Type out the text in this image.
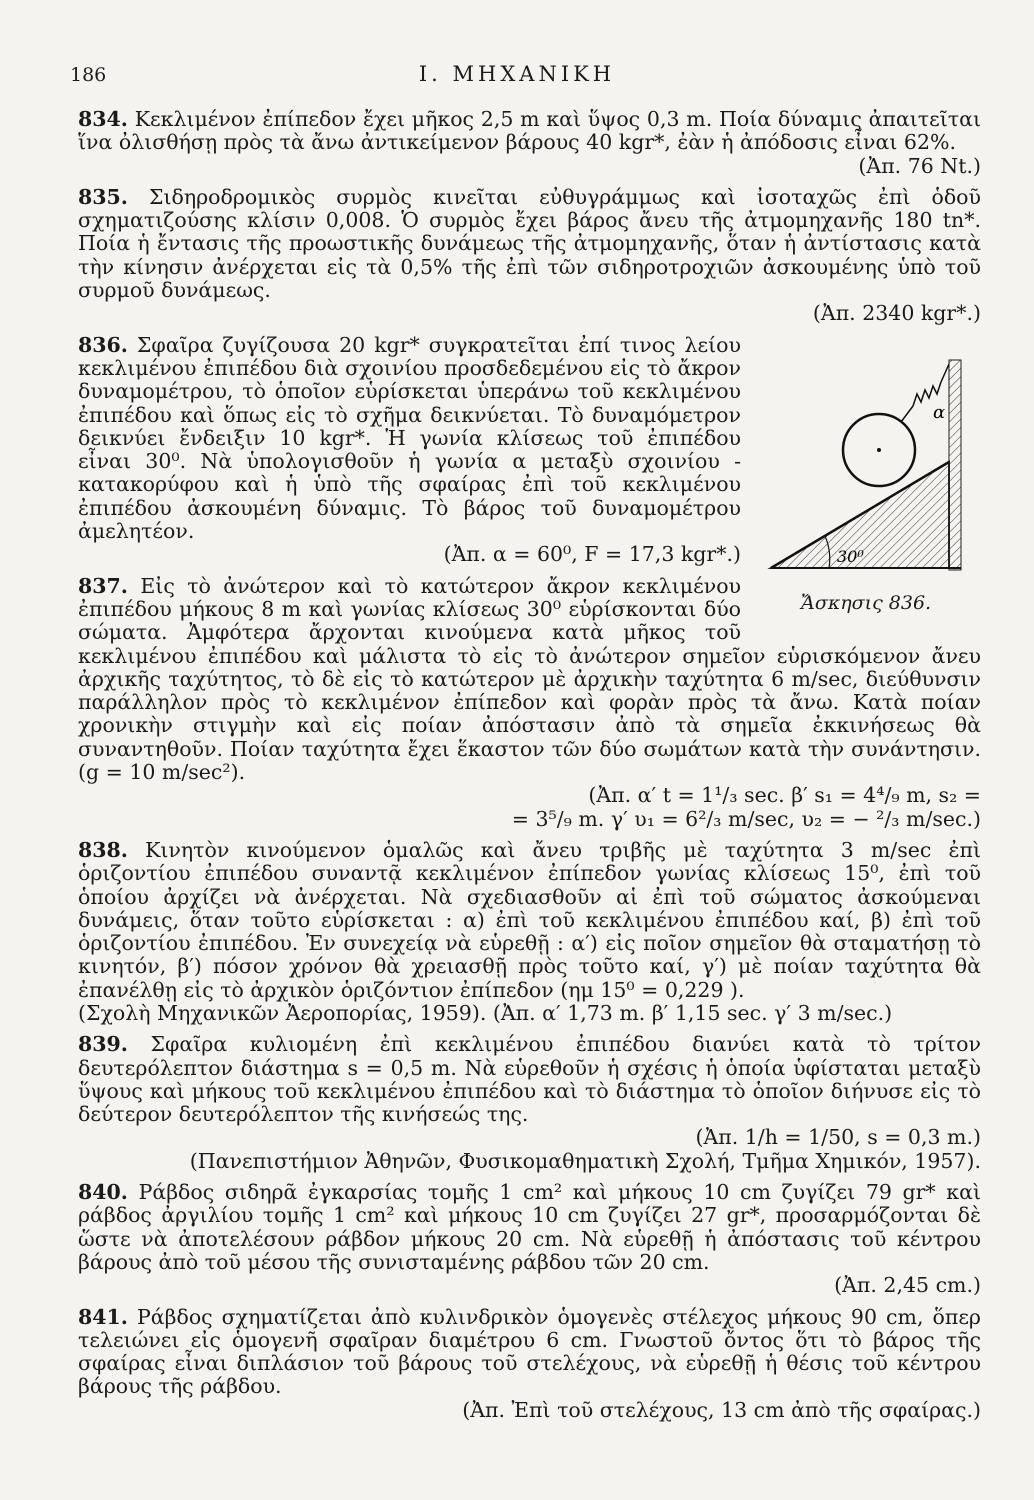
186	I. ΜΗΧΑΝΙΚΗ

834. Κεκλιμένον ἐπίπεδον ἔχει μῆκος 2,5 m καὶ ὕψος 0,3 m. Ποία δύναμις ἀπαιτεῖται ἵνα ὀλισθήσῃ πρὸς τὰ ἄνω ἀντικείμενον βάρους 40 kgr*, ἐὰν ἡ ἀπόδοσις εἶναι 62%.
(Ἀπ. 76 Nt.)

835. Σιδηροδρομικὸς συρμὸς κινεῖται εὐθυγράμμως καὶ ἰσοταχῶς ἐπὶ ὁδοῦ σχηματιζούσης κλίσιν 0,008. Ὁ συρμὸς ἔχει βάρος ἄνευ τῆς ἀτμομηχανῆς 180 tn*. Ποία ἡ ἔντασις τῆς προωστικῆς δυνάμεως τῆς ἀτμομηχανῆς, ὅταν ἡ ἀντίστασις κατὰ τὴν κίνησιν ἀνέρχεται εἰς τὰ 0,5% τῆς ἐπὶ τῶν σιδηροτροχιῶν ἀσκουμένης ὑπὸ τοῦ συρμοῦ δυνάμεως.
(Ἀπ. 2340 kgr*.)

α
30⁰
Ἄσκησις 836.
836. Σφαῖρα ζυγίζουσα 20 kgr* συγκρατεῖται ἐπί τινος λείου κεκλιμένου ἐπιπέδου διὰ σχοινίου προσδεδεμένου εἰς τὸ ἄκρον δυναμομέτρου, τὸ ὁποῖον εὑρίσκεται ὑπεράνω τοῦ κεκλιμένου ἐπιπέδου καὶ ὅπως εἰς τὸ σχῆμα δεικνύεται. Τὸ δυναμόμετρον δεικνύει ἔνδειξιν 10 kgr*. Ἡ γωνία κλίσεως τοῦ ἐπιπέδου εἶναι 30⁰. Νὰ ὑπολογισθοῦν ἡ γωνία α μεταξὺ σχοινίου - κατακορύφου καὶ ἡ ὑπὸ τῆς σφαίρας ἐπὶ τοῦ κεκλιμένου ἐπιπέδου ἀσκουμένη δύναμις. Τὸ βάρος τοῦ δυναμομέτρου ἀμελητέον.
(Ἀπ. α = 60⁰, F = 17,3 kgr*.)

837. Εἰς τὸ ἀνώτερον καὶ τὸ κατώτερον ἄκρον κεκλιμένου ἐπιπέδου μήκους 8 m καὶ γωνίας κλίσεως 30⁰ εὑρίσκονται δύο σώματα. Ἀμφότερα ἄρχονται κινούμενα κατὰ μῆκος τοῦ κεκλιμένου ἐπιπέδου καὶ μάλιστα τὸ εἰς τὸ ἀνώτερον σημεῖον εὑρισκόμενον ἄνευ ἀρχικῆς ταχύτητος, τὸ δὲ εἰς τὸ κατώτερον μὲ ἀρχικὴν ταχύτητα 6 m/sec, διεύθυνσιν παράλληλον πρὸς τὸ κεκλιμένον ἐπίπεδον καὶ φορὰν πρὸς τὰ ἄνω. Κατὰ ποίαν χρονικὴν στιγμὴν καὶ εἰς ποίαν ἀπόστασιν ἀπὸ τὰ σημεῖα ἐκκινήσεως θὰ συναντηθοῦν. Ποίαν ταχύτητα ἔχει ἕκαστον τῶν δύο σωμάτων κατὰ τὴν συνάντησιν. (g = 10 m/sec²).
(Ἀπ. α′ t = 1¹/₃ sec. β′ s₁ = 4⁴/₉ m, s₂ =
= 3⁵/₉ m. γ′ υ₁ = 6²/₃ m/sec, υ₂ = − ²/₃ m/sec.)

838. Κινητὸν κινούμενον ὁμαλῶς καὶ ἄνευ τριβῆς μὲ ταχύτητα 3 m/sec ἐπὶ ὁριζοντίου ἐπιπέδου συναντᾷ κεκλιμένον ἐπίπεδον γωνίας κλίσεως 15⁰, ἐπὶ τοῦ ὁποίου ἀρχίζει νὰ ἀνέρχεται. Νὰ σχεδιασθοῦν αἱ ἐπὶ τοῦ σώματος ἀσκούμεναι δυνάμεις, ὅταν τοῦτο εὑρίσκεται : α) ἐπὶ τοῦ κεκλιμένου ἐπιπέδου καί, β) ἐπὶ τοῦ ὁριζοντίου ἐπιπέδου. Ἐν συνεχείᾳ νὰ εὑρεθῇ : α′) εἰς ποῖον σημεῖον θὰ σταματήσῃ τὸ κινητόν, β′) πόσον χρόνον θὰ χρειασθῇ πρὸς τοῦτο καί, γ′) μὲ ποίαν ταχύτητα θὰ ἐπανέλθῃ εἰς τὸ ἀρχικὸν ὁριζόντιον ἐπίπεδον (ημ 15⁰ = 0,229 ).
(Σχολὴ Μηχανικῶν Ἀεροπορίας, 1959). (Ἀπ. α′ 1,73 m. β′ 1,15 sec. γ′ 3 m/sec.)

839. Σφαῖρα κυλιομένη ἐπὶ κεκλιμένου ἐπιπέδου διανύει κατὰ τὸ τρίτον δευτερόλεπτον διάστημα s = 0,5 m. Νὰ εὑρεθοῦν ἡ σχέσις ἡ ὁποία ὑφίσταται μεταξὺ ὕψους καὶ μήκους τοῦ κεκλιμένου ἐπιπέδου καὶ τὸ διάστημα τὸ ὁποῖον διήνυσε εἰς τὸ δεύτερον δευτερόλεπτον τῆς κινήσεώς της.
(Ἀπ. 1/h = 1/50, s = 0,3 m.)
(Πανεπιστήμιον Ἀθηνῶν, Φυσικομαθηματικὴ Σχολή, Τμῆμα Χημικόν, 1957).

840. Ράβδος σιδηρᾶ ἐγκαρσίας τομῆς 1 cm² καὶ μήκους 10 cm ζυγίζει 79 gr* καὶ ράβδος ἀργιλίου τομῆς 1 cm² καὶ μήκους 10 cm ζυγίζει 27 gr*, προσαρμόζονται δὲ ὥστε νὰ ἀποτελέσουν ράβδον μήκους 20 cm. Νὰ εὑρεθῇ ἡ ἀπόστασις τοῦ κέντρου βάρους ἀπὸ τοῦ μέσου τῆς συνισταμένης ράβδου τῶν 20 cm.
(Ἀπ. 2,45 cm.)

841. Ράβδος σχηματίζεται ἀπὸ κυλινδρικὸν ὁμογενὲς στέλεχος μήκους 90 cm, ὅπερ τελειώνει εἰς ὁμογενῆ σφαῖραν διαμέτρου 6 cm. Γνωστοῦ ὄντος ὅτι τὸ βάρος τῆς σφαίρας εἶναι διπλάσιον τοῦ βάρους τοῦ στελέχους, νὰ εὑρεθῇ ἡ θέσις τοῦ κέντρου βάρους τῆς ράβδου.
(Ἀπ. Ἐπὶ τοῦ στελέχους, 13 cm ἀπὸ τῆς σφαίρας.)
